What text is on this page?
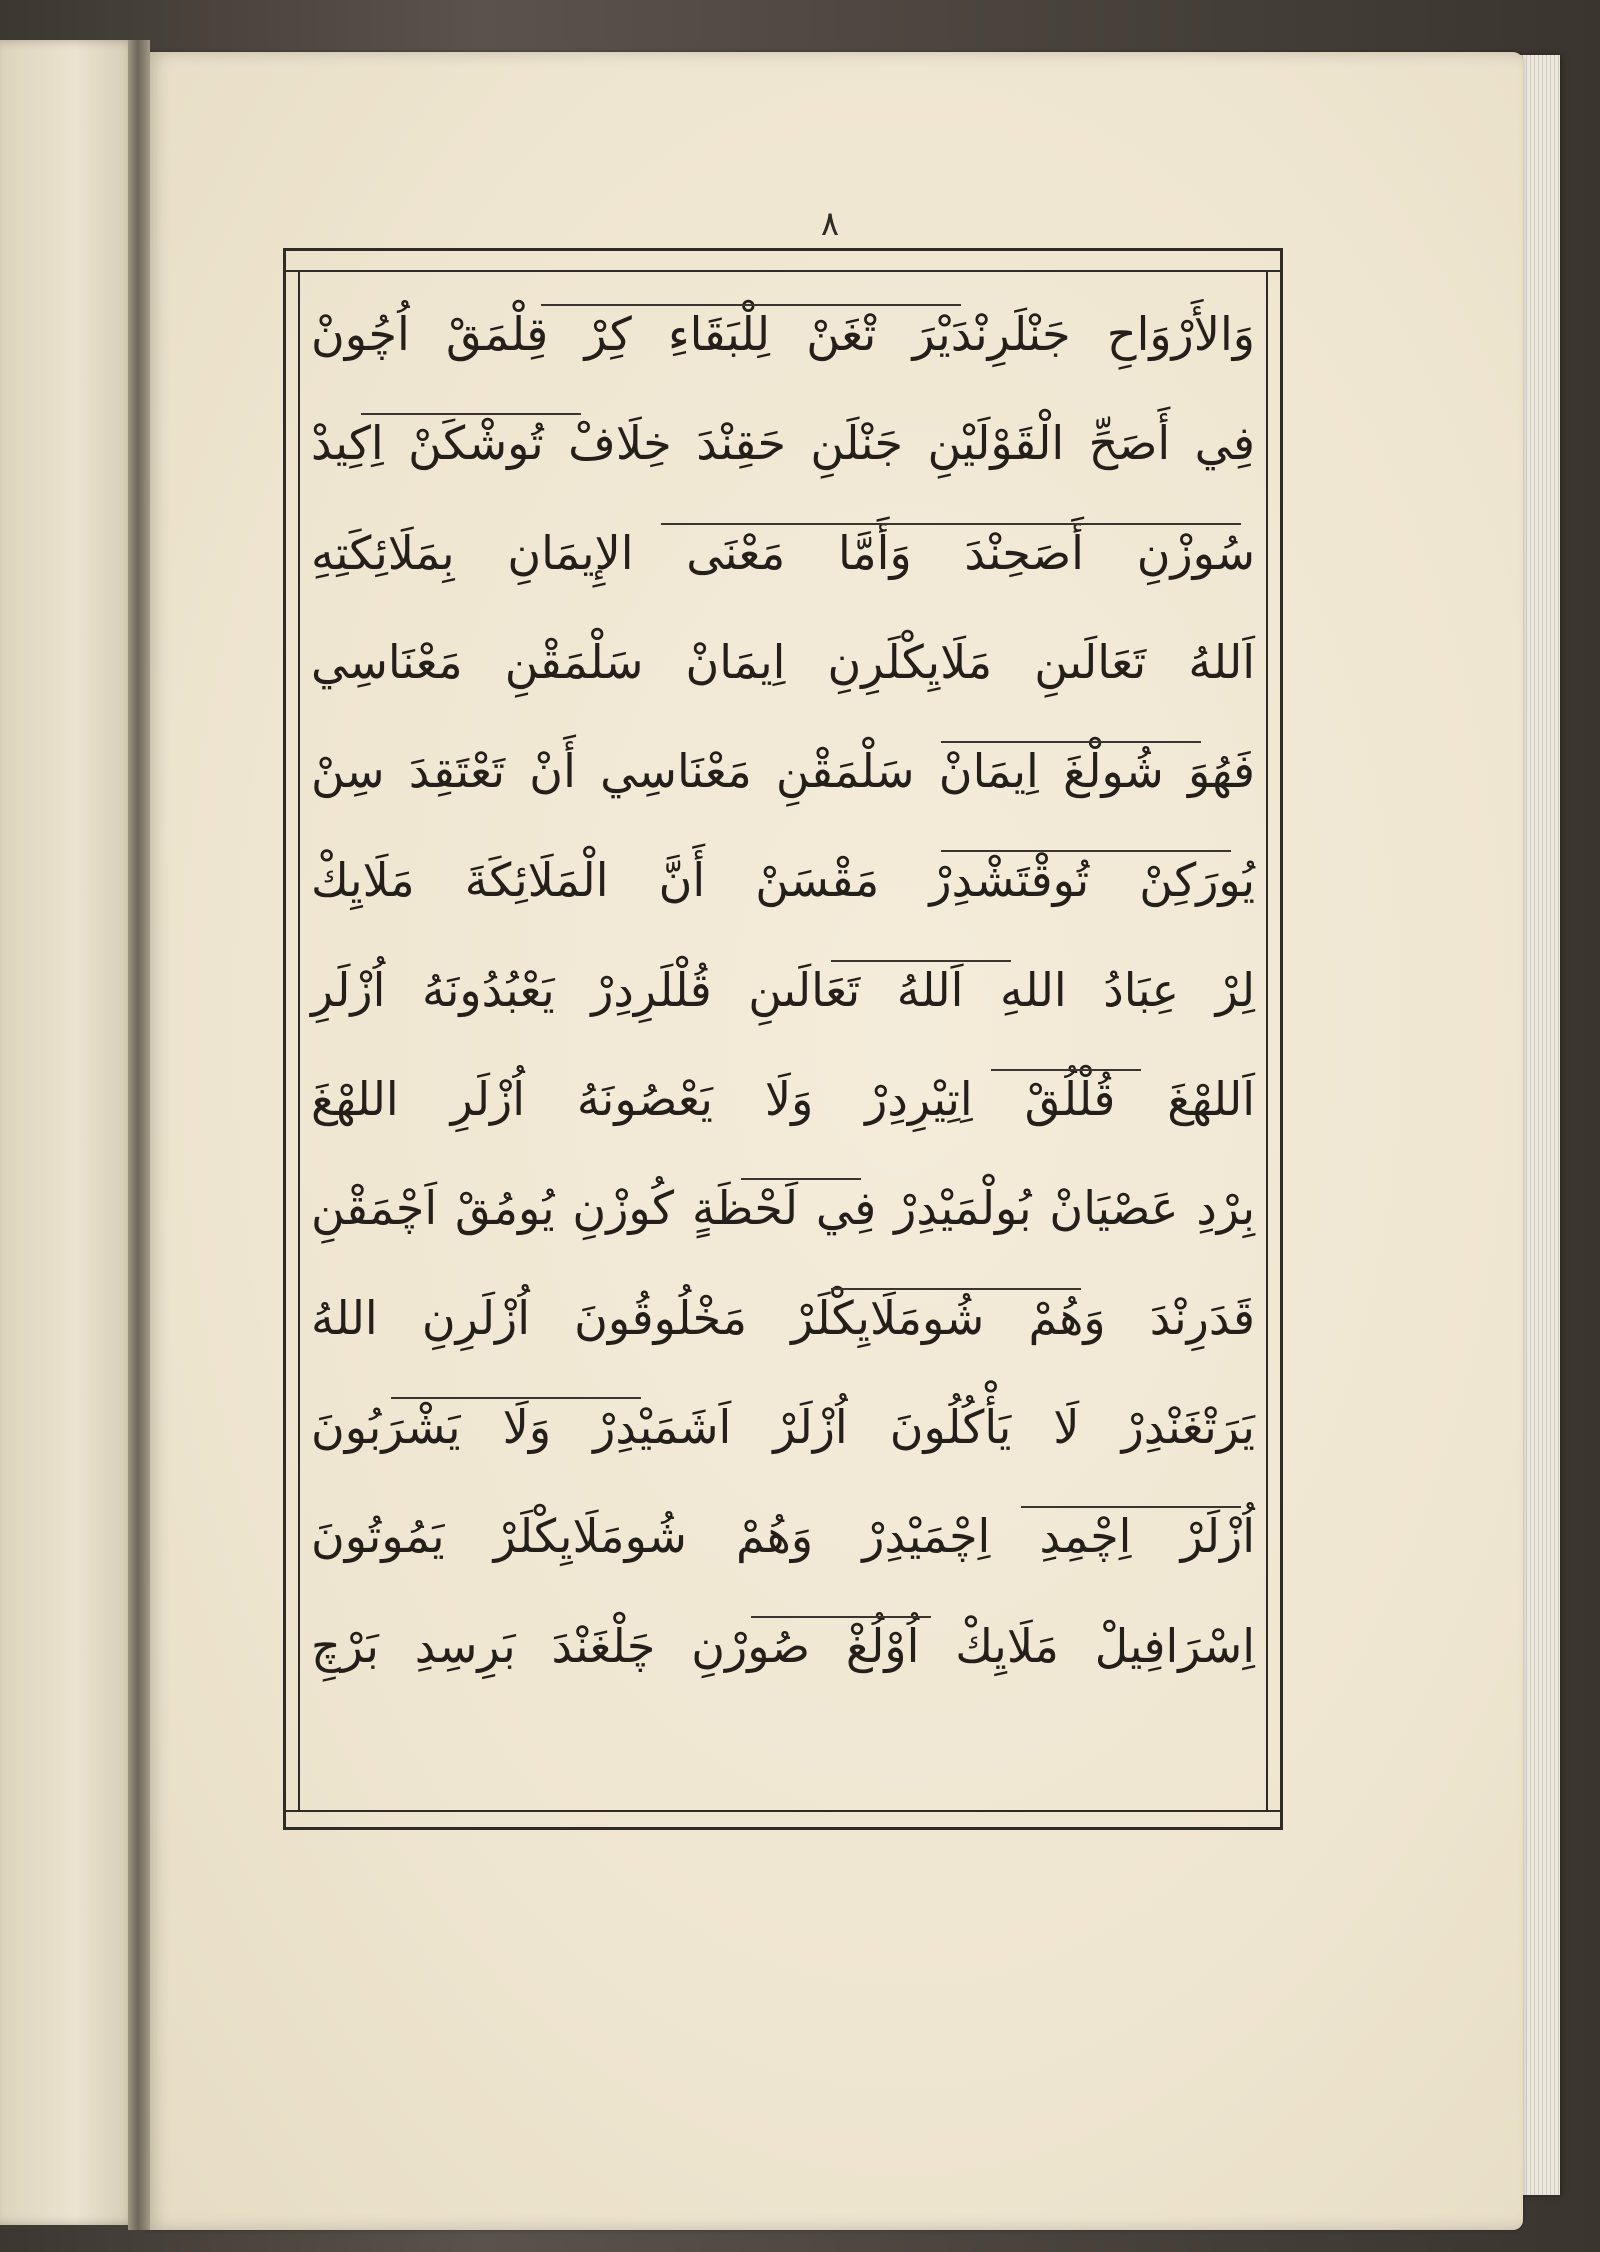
٨
وَالأَرْوَاحِ جَنْلَرِنْدَيْرَ تْغَنْ لِلْبَقَاءِ كِرْ قِلْمَقْ اُچُونْ
فِي أَصَحِّ الْقَوْلَيْنِ جَنْلَنِ حَقِنْدَ خِلَافْ تُوشْكَنْ اِكِيدْ
سُوزْنِ أَصَحِنْدَ وَأَمَّا مَعْنَى الإِيمَانِ بِمَلَائِكَتِهِ
اَللهُ تَعَالَىنِ مَلَايِكْلَرِنِ اِيمَانْ سَلْمَقْنِ مَعْنَاسِي
فَهُوَ شُولْغَ اِيمَانْ سَلْمَقْنِ مَعْنَاسِي أَنْ تَعْتَقِدَ سِنْ
يُورَكِنْ تُوقْتَشْدِرْ مَقْسَنْ أَنَّ الْمَلَائِكَةَ مَلَايِكْ
لِرْ عِبَادُ اللهِ اَللهُ تَعَالَىنِ قُلْلَرِدِرْ يَعْبُدُونَهُ اُزْلَرِ
اَللهْغَ قُلْلُقْ اِتِيْرِدِرْ وَلَا يَعْصُونَهُ اُزْلَرِ اللهْغَ
بِرْدِ عَصْيَانْ بُولْمَيْدِرْ فِي لَحْظَةٍ كُوزْنِ يُومُقْ اَچْمَقْنِ
قَدَرِنْدَ وَهُمْ شُومَلَايِكْلَرْ مَخْلُوقُونَ اُزْلَرِنِ اللهُ
يَرَتْغَنْدِرْ لَا يَأْكُلُونَ اُزْلَرْ اَشَمَيْدِرْ وَلَا يَشْرَبُونَ
اُزْلَرْ اِچْمِدِ اِچْمَيْدِرْ وَهُمْ شُومَلَايِكْلَرْ يَمُوتُونَ
اِسْرَافِيلْ مَلَايِكْ اُوْلُغْ صُورْنِ چَلْغَنْدَ بَرِسِدِ بَرْچِ
